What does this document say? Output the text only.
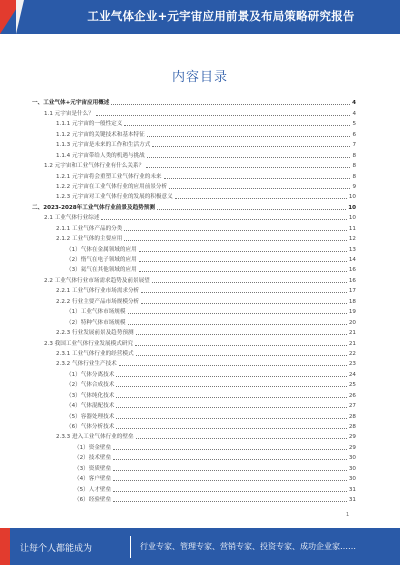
工业气体企业+元宇宙应用前景及布局策略研究报告
内容目录
一、工业气体+元宇宙应用概述	4
1.1 元宇宙是什么？	4
1.1.1 元宇宙的一般性定义	5
1.1.2 元宇宙的关键技术和基本特征	6
1.1.3 元宇宙是未来的工作和生活方式	7
1.1.4 元宇宙带给人类的机遇与挑战	8
1.2 元宇宙和工业气体行业有什么关系？	8
1.2.1 元宇宙将会重塑工业气体行业的未来	8
1.2.2 元宇宙在工业气体行业的应用前景分析	9
1.2.3 元宇宙对工业气体行业的发展的积极意义	10
二、2023-2028年工业气体行业前景及趋势预测	10
2.1 工业气体行业综述	10
2.1.1 工业气体产品的分类	11
2.1.2 工业气体的主要应用	12
（1）气体在金属领域的应用	13
（2）惰气在电子领域的应用	14
（3）氦气在其他领域的应用	16
2.2 工业气体行业市场需求趋势及前景展望	16
2.2.1 工业气体行业市场需求分析	17
2.2.2 行业主要产品市场规模分析	18
（1）工业气体市场规模	19
（2）特种气体市场规模	20
2.2.3 行业发展前景及趋势预测	21
2.3 我国工业气体行业发展模式研究	21
2.3.1 工业气体行业的经营模式	22
2.3.2 气体行业生产技术	23
（1）气体分离技术	24
（2）气体合成技术	25
（3）气体纯化技术	26
（4）气体混配技术	27
（5）容器处理技术	28
（6）气体分析技术	28
2.3.3 进入工业气体行业的壁垒	29
（1）资金壁垒	29
（2）技术壁垒	30
（3）资质壁垒	30
（4）客户壁垒	30
（5）人才壁垒	31
（6）经验壁垒	31
1
让每个人都能成为	行业专家、管理专家、营销专家、投资专家、成功企业家……
